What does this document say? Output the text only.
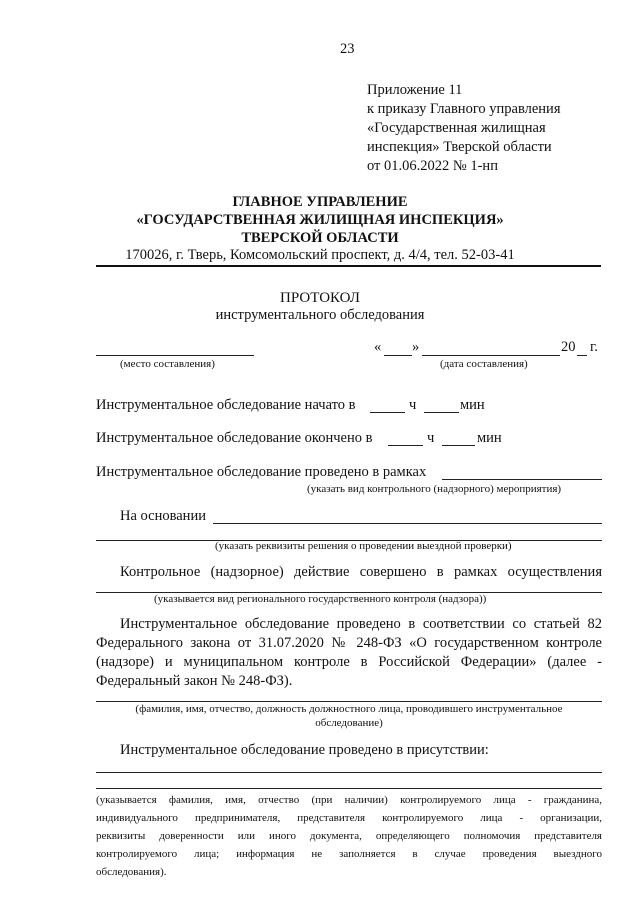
23
Приложение 11
к приказу Главного управления
«Государственная жилищная
инспекция» Тверской области
от 01.06.2022 № 1-нп
ГЛАВНОЕ УПРАВЛЕНИЕ
«ГОСУДАРСТВЕННАЯ ЖИЛИЩНАЯ ИНСПЕКЦИЯ»
ТВЕРСКОЙ ОБЛАСТИ
170026, г. Тверь, Комсомольский проспект, д. 4/4, тел. 52-03-41
ПРОТОКОЛ
инструментального обследования
(место составления)
« »	20 г.
(дата составления)
Инструментальное обследование начато в	ч	мин
Инструментальное обследование окончено в	ч	мин
Инструментальное обследование проведено в рамках
(указать вид контрольного (надзорного) мероприятия)
На основании
(указать реквизиты решения о проведении выездной проверки)
Контрольное (надзорное) действие совершено в рамках осуществления
(указывается вид регионального государственного контроля (надзора))
Инструментальное обследование проведено в соответствии со статьей 82
Федерального закона от 31.07.2020 № 248-ФЗ «О государственном контроле
(надзоре) и муниципальном контроле в Российской Федерации» (далее -
Федеральный закон № 248-ФЗ).
(фамилия, имя, отчество, должность должностного лица, проводившего инструментальное
обследование)
Инструментальное обследование проведено в присутствии:
(указывается фамилия, имя, отчество (при наличии) контролируемого лица - гражданина,
индивидуального предпринимателя, представителя контролируемого лица - организации,
реквизиты доверенности или иного документа, определяющего полномочия представителя
контролируемого лица; информация не заполняется в случае проведения выездного
обследования).
